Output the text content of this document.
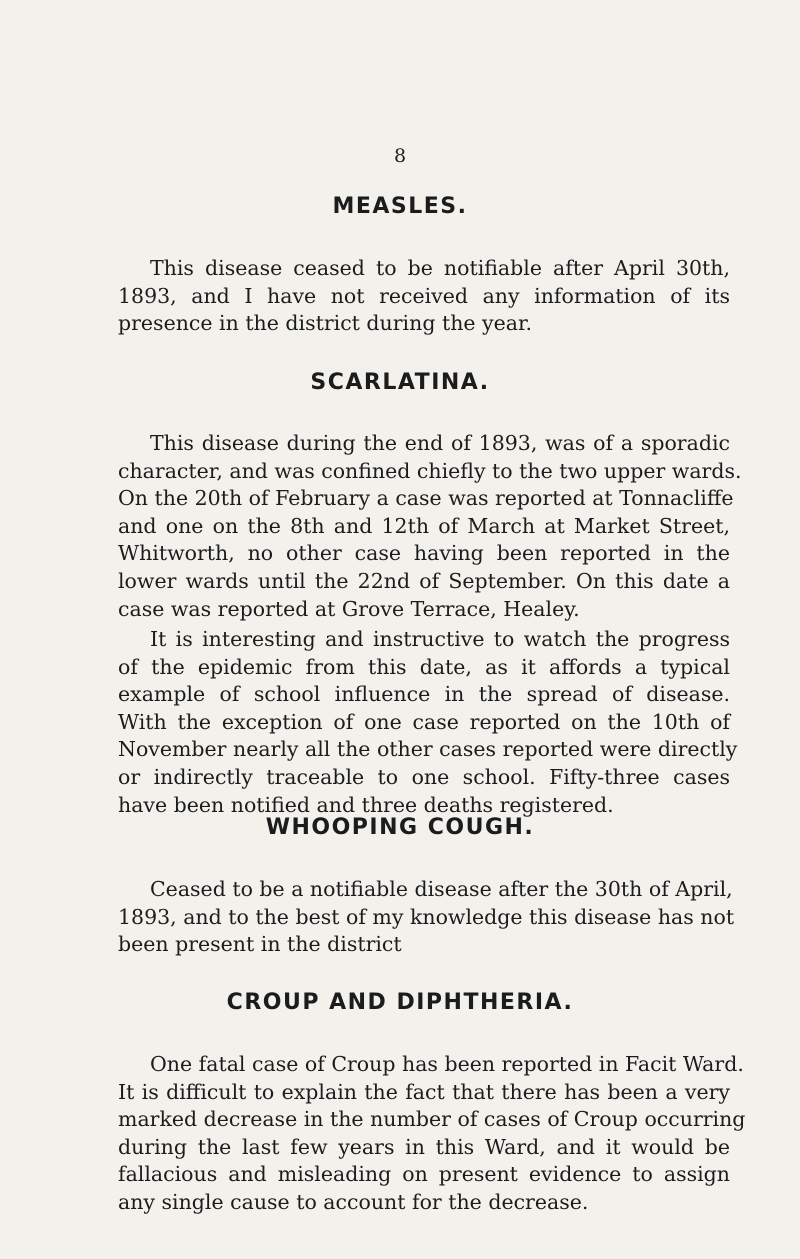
8
MEASLES.

This disease ceased to be notifiable after April 30th,
1893, and I have not received any information of its
presence in the district during the year.

SCARLATINA.

This disease during the end of 1893, was of a sporadic
character, and was confined chiefly to the two upper wards.
On the 20th of February a case was reported at Tonnacliffe
and one on the 8th and 12th of March at Market Street,
Whitworth, no other case having been reported in the
lower wards until the 22nd of September. On this date a
case was reported at Grove Terrace, Healey.

It is interesting and instructive to watch the progress
of the epidemic from this date, as it affords a typical
example of school influence in the spread of disease.
With the exception of one case reported on the 10th of
November nearly all the other cases reported were directly
or indirectly traceable to one school. Fifty-three cases
have been notified and three deaths registered.

WHOOPING COUGH.

Ceased to be a notifiable disease after the 30th of April,
1893, and to the best of my knowledge this disease has not
been present in the district

CROUP AND DIPHTHERIA.

One fatal case of Croup has been reported in Facit Ward.
It is difficult to explain the fact that there has been a very
marked decrease in the number of cases of Croup occurring
during the last few years in this Ward, and it would be
fallacious and misleading on present evidence to assign
any single cause to account for the decrease.
